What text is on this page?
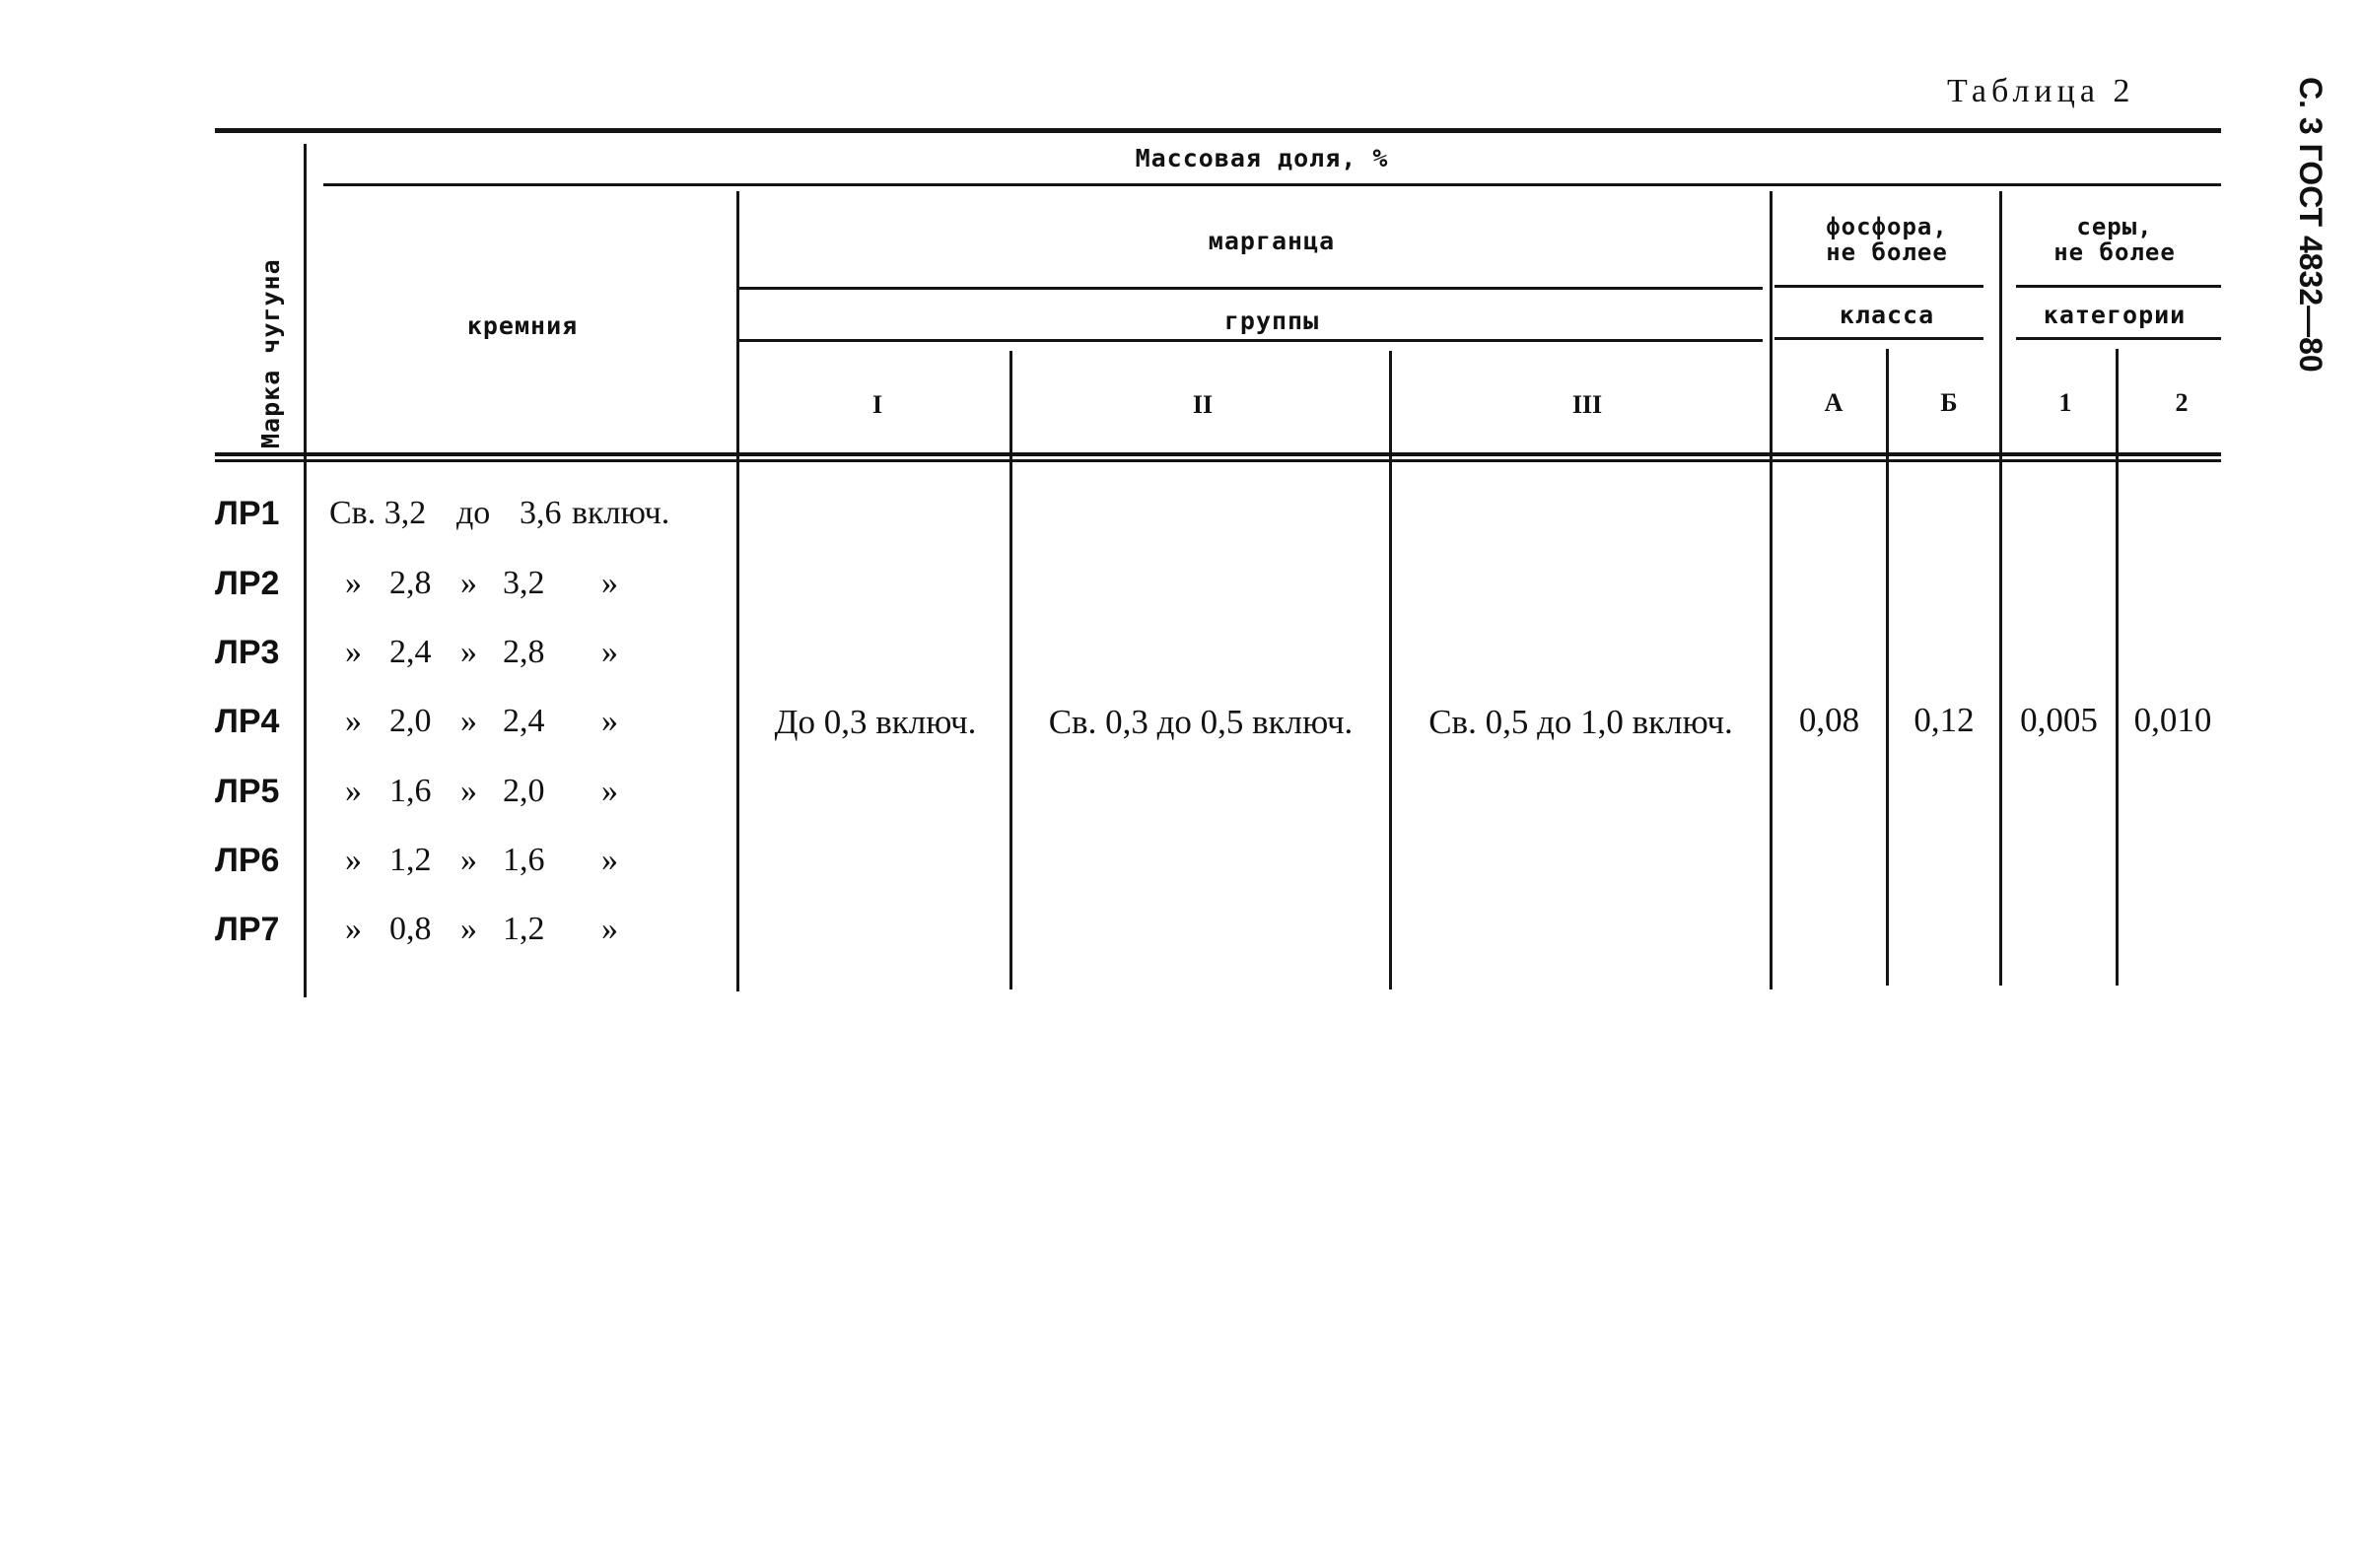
Таблица 2	С. 3 ГОСТ 4832—80
Марка чугуна
Массовая доля, %
кремния
марганца
группы
I	II	III
фосфора,
не более
класса
А	Б
серы,
не более
категории
1	2
ЛР1 Св. 3,2 до 3,6 включ.
ЛР2 » 2,8 » 3,2 »
ЛР3 » 2,4 » 2,8 »
ЛР4 » 2,0 » 2,4 »
ЛР5 » 1,6 » 2,0 »
ЛР6 » 1,2 » 1,6 »
ЛР7 » 0,8 » 1,2 »
До 0,3 включ.	Св. 0,3 до 0,5 включ.	Св. 0,5 до 1,0 включ.	0,08	0,12	0,005	0,010
